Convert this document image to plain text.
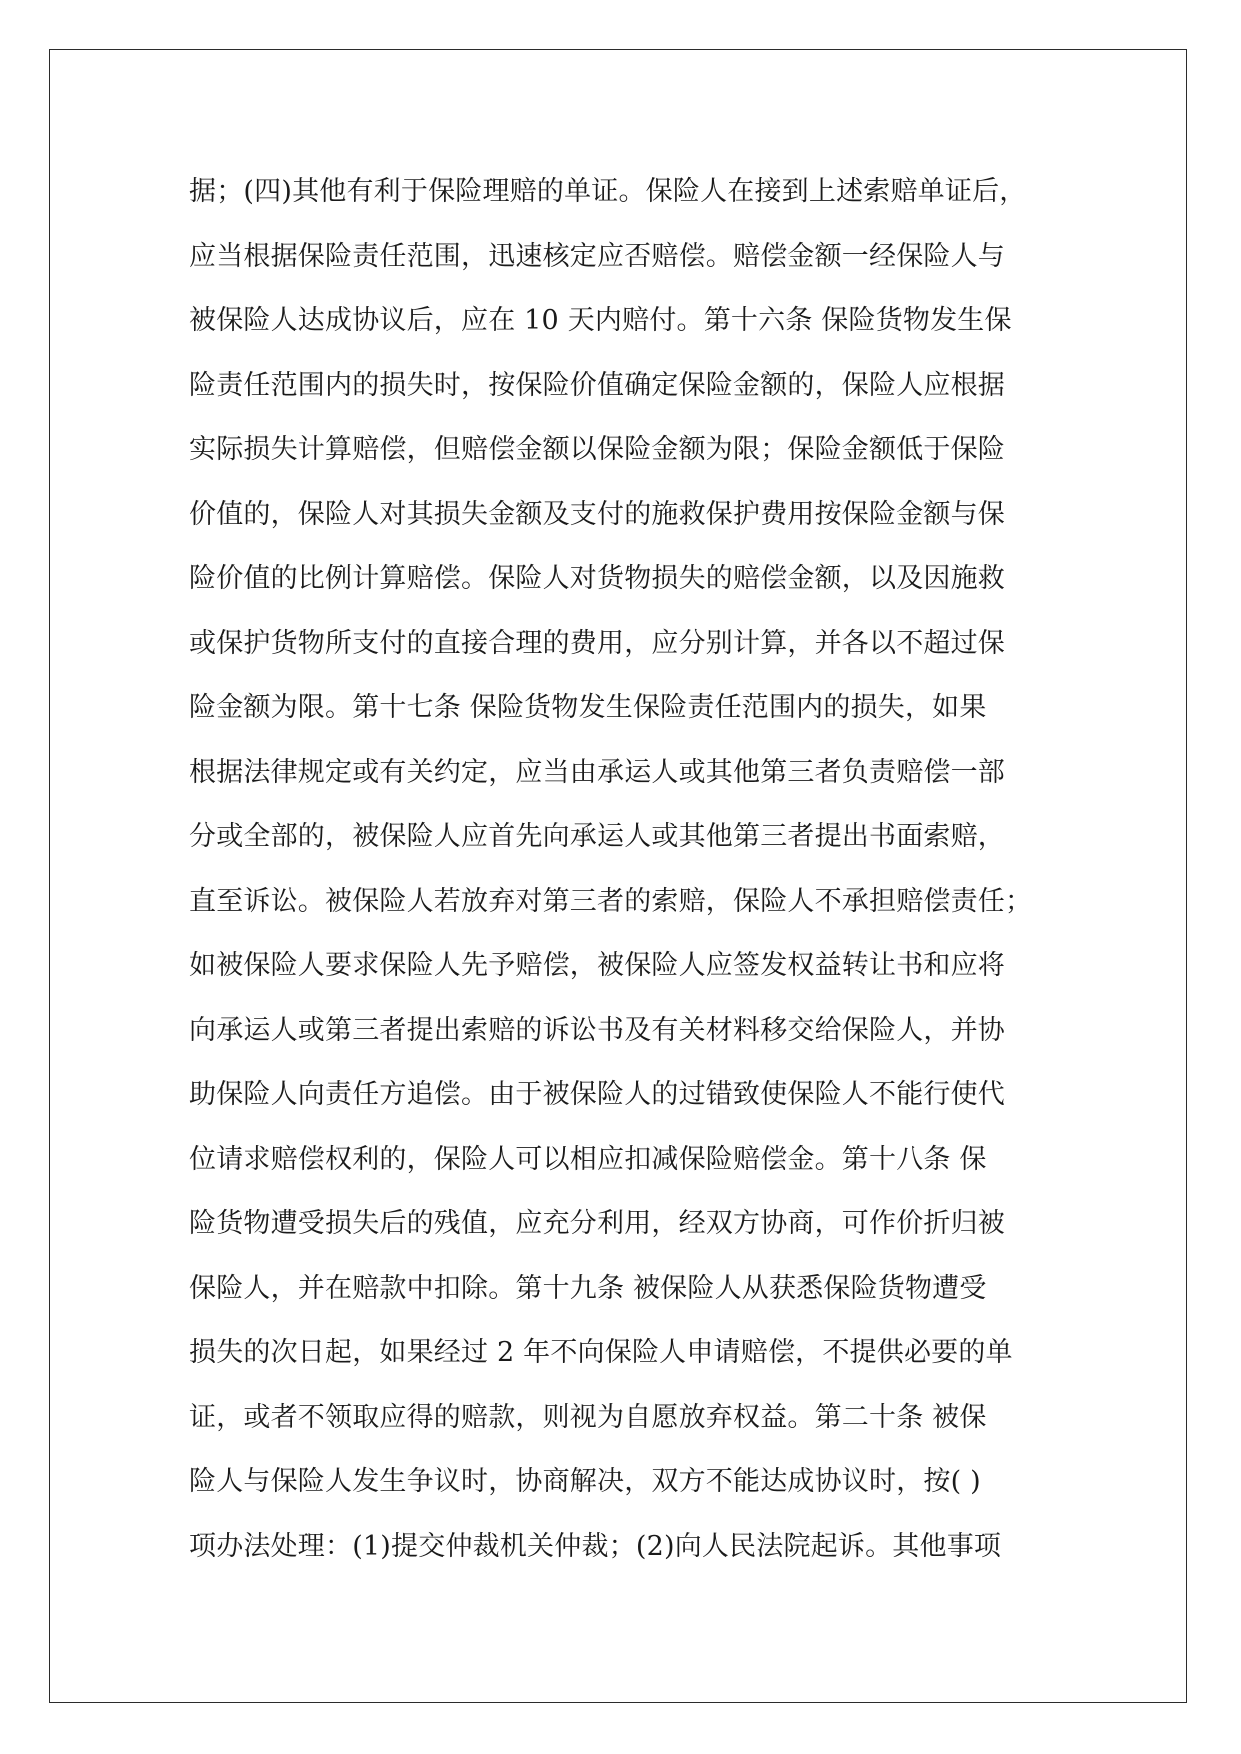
据；(四)其他有利于保险理赔的单证。保险人在接到上述索赔单证后，
应当根据保险责任范围，迅速核定应否赔偿。赔偿金额一经保险人与
被保险人达成协议后，应在 10 天内赔付。第十六条 保险货物发生保
险责任范围内的损失时，按保险价值确定保险金额的，保险人应根据
实际损失计算赔偿，但赔偿金额以保险金额为限；保险金额低于保险
价值的，保险人对其损失金额及支付的施救保护费用按保险金额与保
险价值的比例计算赔偿。保险人对货物损失的赔偿金额，以及因施救
或保护货物所支付的直接合理的费用，应分别计算，并各以不超过保
险金额为限。第十七条 保险货物发生保险责任范围内的损失，如果
根据法律规定或有关约定，应当由承运人或其他第三者负责赔偿一部
分或全部的，被保险人应首先向承运人或其他第三者提出书面索赔，
直至诉讼。被保险人若放弃对第三者的索赔，保险人不承担赔偿责任；
如被保险人要求保险人先予赔偿，被保险人应签发权益转让书和应将
向承运人或第三者提出索赔的诉讼书及有关材料移交给保险人，并协
助保险人向责任方追偿。由于被保险人的过错致使保险人不能行使代
位请求赔偿权利的，保险人可以相应扣减保险赔偿金。第十八条 保
险货物遭受损失后的残值，应充分利用，经双方协商，可作价折归被
保险人，并在赔款中扣除。第十九条 被保险人从获悉保险货物遭受
损失的次日起，如果经过 2 年不向保险人申请赔偿，不提供必要的单
证，或者不领取应得的赔款，则视为自愿放弃权益。第二十条 被保
险人与保险人发生争议时，协商解决，双方不能达成协议时，按( )
项办法处理：(1)提交仲裁机关仲裁；(2)向人民法院起诉。其他事项
